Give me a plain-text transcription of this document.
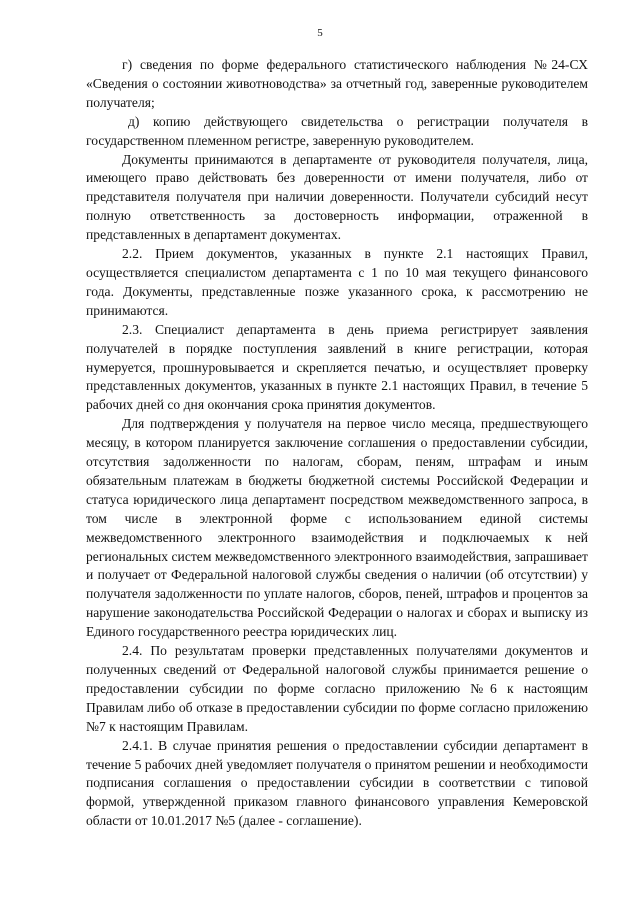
5

г) сведения по форме федерального статистического наблюдения №24-СХ «Сведения о состоянии животноводства» за отчетный год, заверенные руководителем получателя;

д) копию действующего свидетельства о регистрации получателя в государственном племенном регистре, заверенную руководителем.

Документы принимаются в департаменте от руководителя получателя, лица, имеющего право действовать без доверенности от имени получателя, либо от представителя получателя при наличии доверенности. Получатели субсидий несут полную ответственность за достоверность информации, отраженной в представленных в департамент документах.

2.2. Прием документов, указанных в пункте 2.1 настоящих Правил, осуществляется специалистом департамента с 1 по 10 мая текущего финансового года. Документы, представленные позже указанного срока, к рассмотрению не принимаются.

2.3. Специалист департамента в день приема регистрирует заявления получателей в порядке поступления заявлений в книге регистрации, которая нумеруется, прошнуровывается и скрепляется печатью, и осуществляет проверку представленных документов, указанных в пункте 2.1 настоящих Правил, в течение 5 рабочих дней со дня окончания срока принятия документов.

Для подтверждения у получателя на первое число месяца, предшествующего месяцу, в котором планируется заключение соглашения о предоставлении субсидии, отсутствия задолженности по налогам, сборам, пеням, штрафам и иным обязательным платежам в бюджеты бюджетной системы Российской Федерации и статуса юридического лица департамент посредством межведомственного запроса, в том числе в электронной форме с использованием единой системы межведомственного электронного взаимодействия и подключаемых к ней региональных систем межведомственного электронного взаимодействия, запрашивает и получает от Федеральной налоговой службы сведения о наличии (об отсутствии) у получателя задолженности по уплате налогов, сборов, пеней, штрафов и процентов за нарушение законодательства Российской Федерации о налогах и сборах и выписку из Единого государственного реестра юридических лиц.

2.4. По результатам проверки представленных получателями документов и полученных сведений от Федеральной налоговой службы принимается решение о предоставлении субсидии по форме согласно приложению №6 к настоящим Правилам либо об отказе в предоставлении субсидии по форме согласно приложению №7 к настоящим Правилам.

2.4.1. В случае принятия решения о предоставлении субсидии департамент в течение 5 рабочих дней уведомляет получателя о принятом решении и необходимости подписания соглашения о предоставлении субсидии в соответствии с типовой формой, утвержденной приказом главного финансового управления Кемеровской области от 10.01.2017 №5 (далее - соглашение).
